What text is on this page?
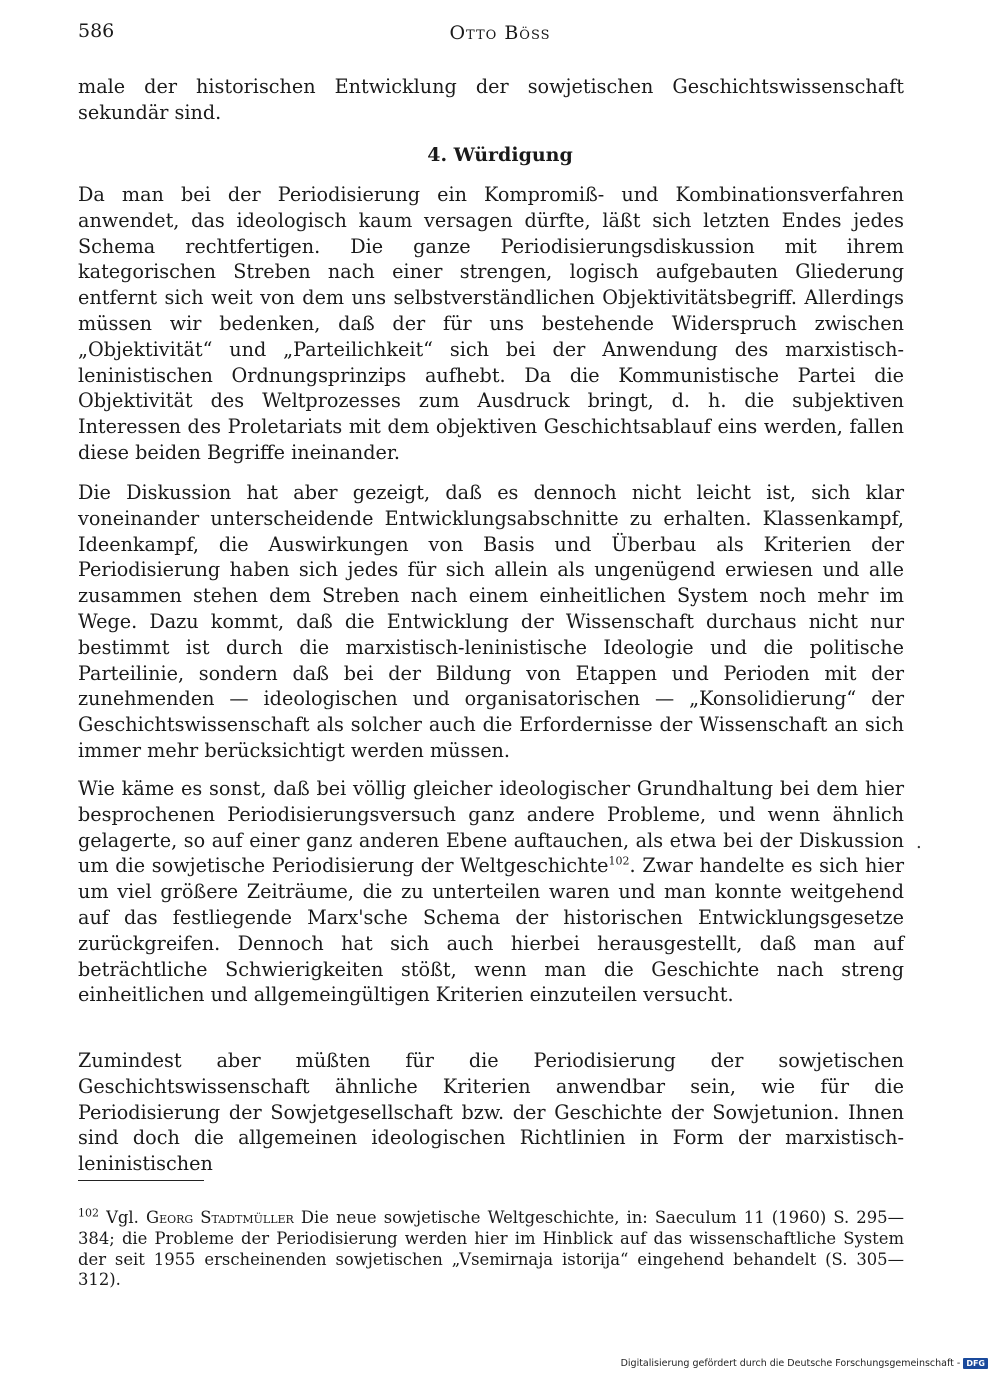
586	Otto Böss

male der historischen Entwicklung der sowjetischen Geschichtswissenschaft sekundär sind.

4. Würdigung

Da man bei der Periodisierung ein Kompromiß- und Kombinationsverfahren anwendet, das ideologisch kaum versagen dürfte, läßt sich letzten Endes jedes Schema rechtfertigen. Die ganze Periodisierungsdiskussion mit ihrem kategorischen Streben nach einer strengen, logisch aufgebauten Gliederung entfernt sich weit von dem uns selbstverständlichen Objektivitätsbegriff. Allerdings müssen wir bedenken, daß der für uns bestehende Widerspruch zwischen „Objektivität“ und „Parteilichkeit“ sich bei der Anwendung des marxistisch-leninistischen Ordnungsprinzips aufhebt. Da die Kommunistische Partei die Objektivität des Weltprozesses zum Ausdruck bringt, d. h. die subjektiven Interessen des Proletariats mit dem objektiven Geschichtsablauf eins werden, fallen diese beiden Begriffe ineinander.

Die Diskussion hat aber gezeigt, daß es dennoch nicht leicht ist, sich klar voneinander unterscheidende Entwicklungsabschnitte zu erhalten. Klassenkampf, Ideenkampf, die Auswirkungen von Basis und Überbau als Kriterien der Periodisierung haben sich jedes für sich allein als ungenügend erwiesen und alle zusammen stehen dem Streben nach einem einheitlichen System noch mehr im Wege. Dazu kommt, daß die Entwicklung der Wissenschaft durchaus nicht nur bestimmt ist durch die marxistisch-leninistische Ideologie und die politische Parteilinie, sondern daß bei der Bildung von Etappen und Perioden mit der zunehmenden — ideologischen und organisatorischen — „Konsolidierung“ der Geschichtswissenschaft als solcher auch die Erfordernisse der Wissenschaft an sich immer mehr berücksichtigt werden müssen.

Wie käme es sonst, daß bei völlig gleicher ideologischer Grundhaltung bei dem hier besprochenen Periodisierungsversuch ganz andere Probleme, und wenn ähnlich gelagerte, so auf einer ganz anderen Ebene auftauchen, als etwa bei der Diskussion um die sowjetische Periodisierung der Weltgeschichte$^{102}$. Zwar handelte es sich hier um viel größere Zeiträume, die zu unterteilen waren und man konnte weitgehend auf das festliegende Marx'sche Schema der historischen Entwicklungsgesetze zurückgreifen. Dennoch hat sich auch hierbei herausgestellt, daß man auf beträchtliche Schwierigkeiten stößt, wenn man die Geschichte nach streng einheitlichen und allgemeingültigen Kriterien einzuteilen versucht.

Zumindest aber müßten für die Periodisierung der sowjetischen Geschichtswissenschaft ähnliche Kriterien anwendbar sein, wie für die Periodisierung der Sowjetgesellschaft bzw. der Geschichte der Sowjetunion. Ihnen sind doch die allgemeinen ideologischen Richtlinien in Form der marxistisch-leninistischen

$^{102}$ Vgl. Georg Stadtmüller Die neue sowjetische Weltgeschichte, in: Saeculum 11 (1960) S. 295—384; die Probleme der Periodisierung werden hier im Hinblick auf das wissenschaftliche System der seit 1955 erscheinenden sowjetischen „Vsemirnaja istorija“ eingehend behandelt (S. 305—312).
.
Digitalisierung gefördert durch die Deutsche Forschungsgemeinschaft - DFG
